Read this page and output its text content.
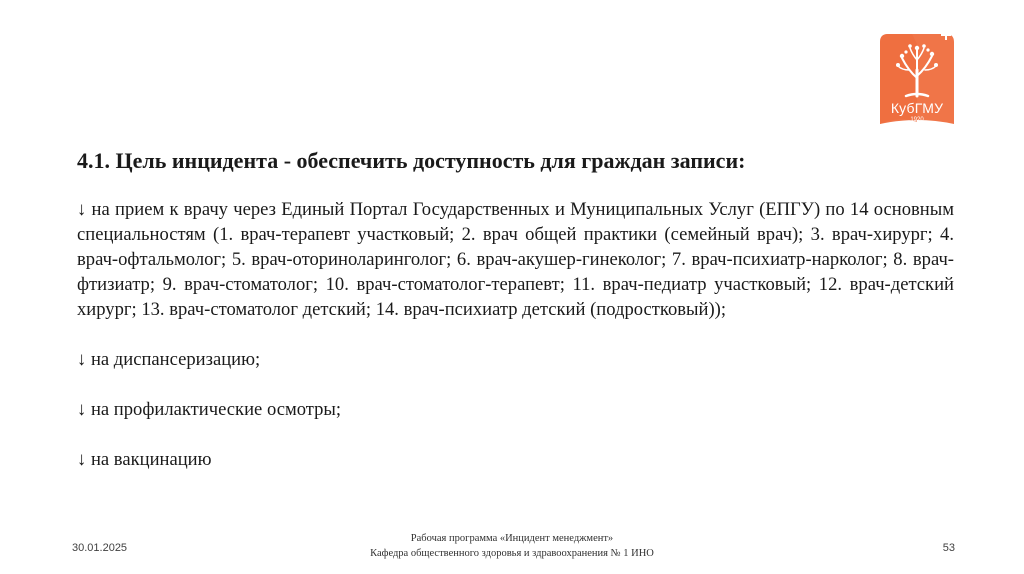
КубГМУ
1920
4.1. Цель инцидента - обеспечить доступность для граждан записи:

↓ на прием к врачу через Единый Портал Государственных и Муниципальных Услуг (ЕПГУ) по 14 основным специальностям (1. врач-терапевт участковый; 2. врач общей практики (семейный врач); 3. врач-хирург; 4. врач-офтальмолог; 5. врач-оториноларинголог; 6. врач-акушер-гинеколог; 7. врач-психиатр-нарколог; 8. врач-фтизиатр; 9. врач-стоматолог; 10. врач-стоматолог-терапевт; 11. врач-педиатр участковый; 12. врач-детский хирург; 13. врач-стоматолог детский; 14. врач-психиатр детский (подростковый));

↓ на диспансеризацию;

↓ на профилактические осмотры;

↓ на вакцинацию

30.01.2025
Рабочая программа «Инцидент менеджмент»
Кафедра общественного здоровья и здравоохранения № 1 ИНО	53
